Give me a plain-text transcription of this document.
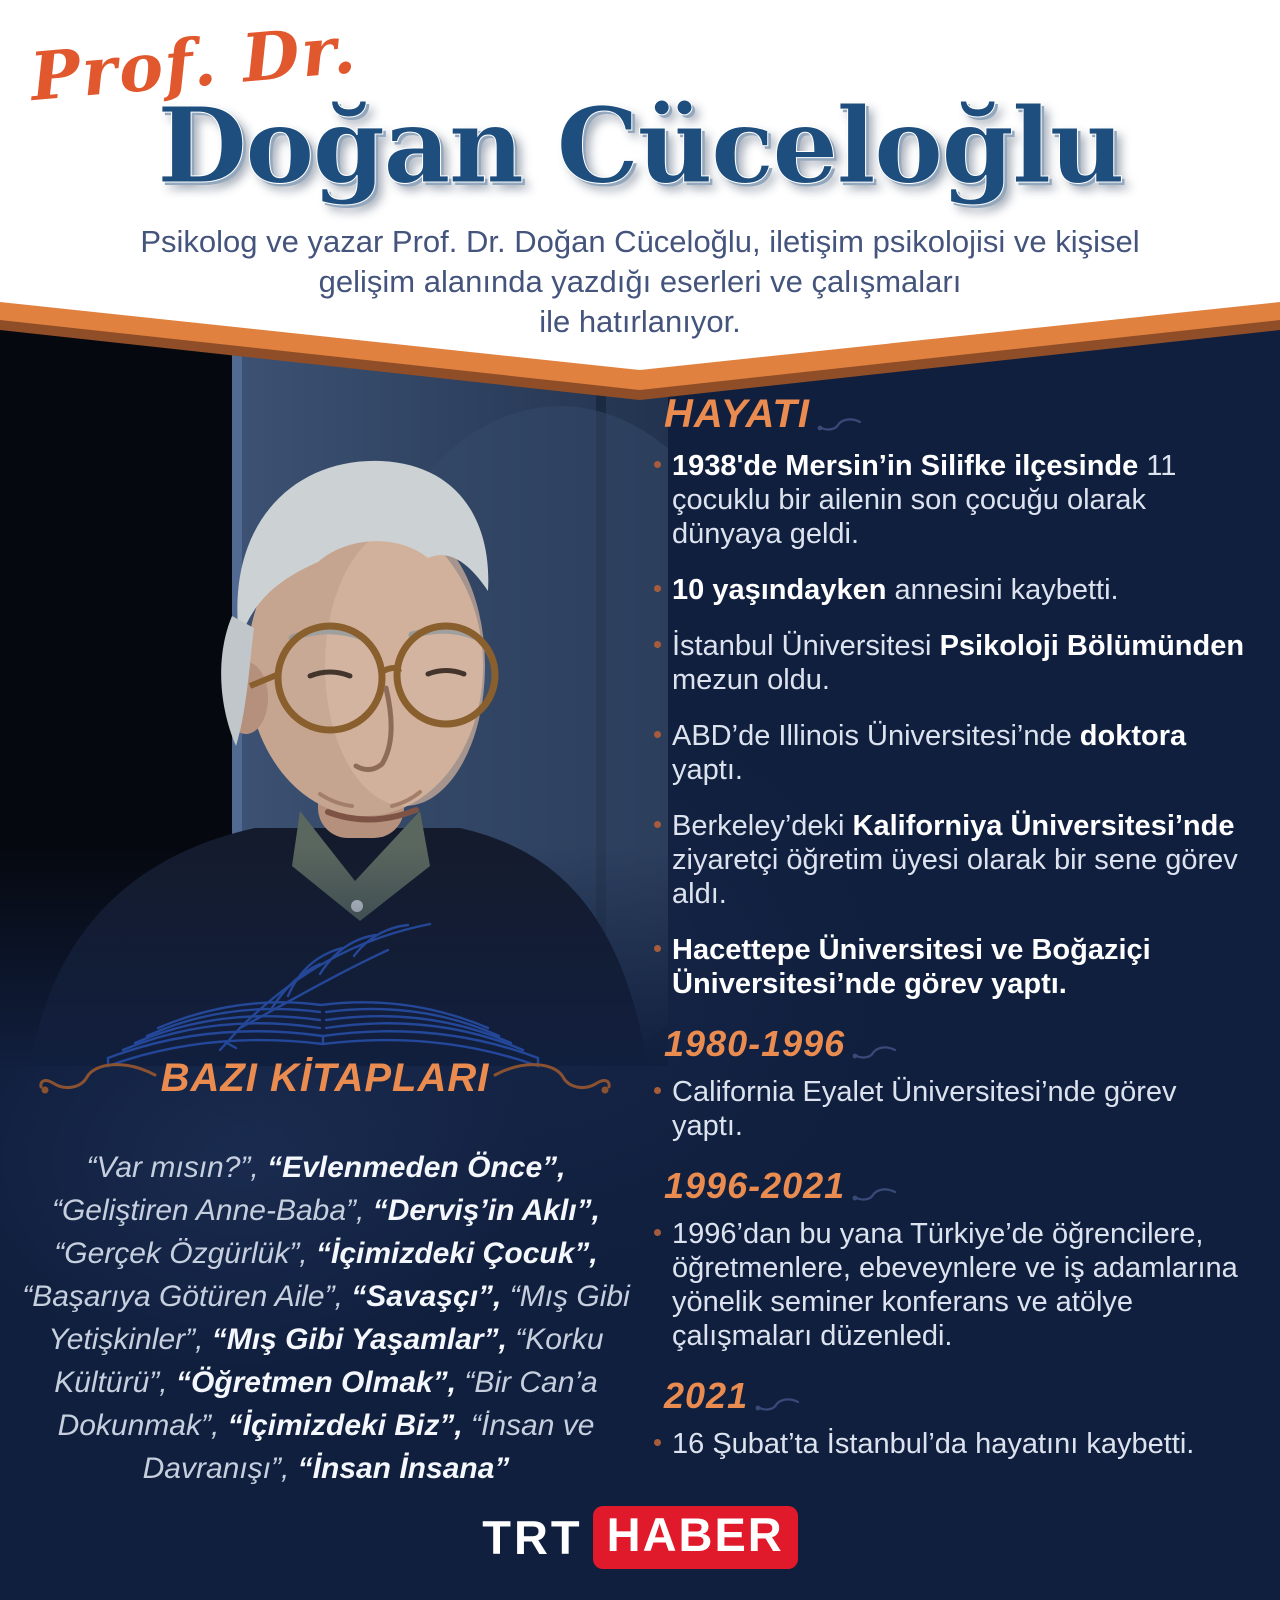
Prof. Dr.
Doğan Cüceloğlu
Psikolog ve yazar Prof. Dr. Doğan Cüceloğlu, iletişim psikolojisi ve kişisel
gelişim alanında yazdığı eserleri ve çalışmaları
ile hatırlanıyor.
BAZI KİTAPLARI

“Var mısın?”, “Evlenmeden Önce”, “Geliştiren Anne-Baba”, “Derviş’in Aklı”, “Gerçek Özgürlük”, “İçimizdeki Çocuk”, “Başarıya Götüren Aile”, “Savaşçı”, “Mış Gibi Yetişkinler”, “Mış Gibi Yaşamlar”, “Korku Kültürü”, “Öğretmen Olmak”, “Bir Can’a Dokunmak”, “İçimizdeki Biz”, “İnsan ve Davranışı”, “İnsan İnsana”

HAYATI

1938'de Mersin’in Silifke ilçesinde 11 çocuklu bir ailenin son çocuğu olarak dünyaya geldi.

10 yaşındayken annesini kaybetti.

İstanbul Üniversitesi Psikoloji Bölümünden mezun oldu.

ABD’de Illinois Üniversitesi’nde doktora yaptı.

Berkeley’deki Kaliforniya Üniversitesi’nde ziyaretçi öğretim üyesi olarak bir sene görev aldı.

Hacettepe Üniversitesi ve Boğaziçi Üniversitesi’nde görev yaptı.

1980-1996

California Eyalet Üniversitesi’nde görev yaptı.

1996-2021

1996’dan bu yana Türkiye’de öğrencilere, öğretmenlere, ebeveynlere ve iş adamlarına yönelik seminer konferans ve atölye çalışmaları düzenledi.

2021

16 Şubat’ta İstanbul’da hayatını kaybetti.

TRT HABER
